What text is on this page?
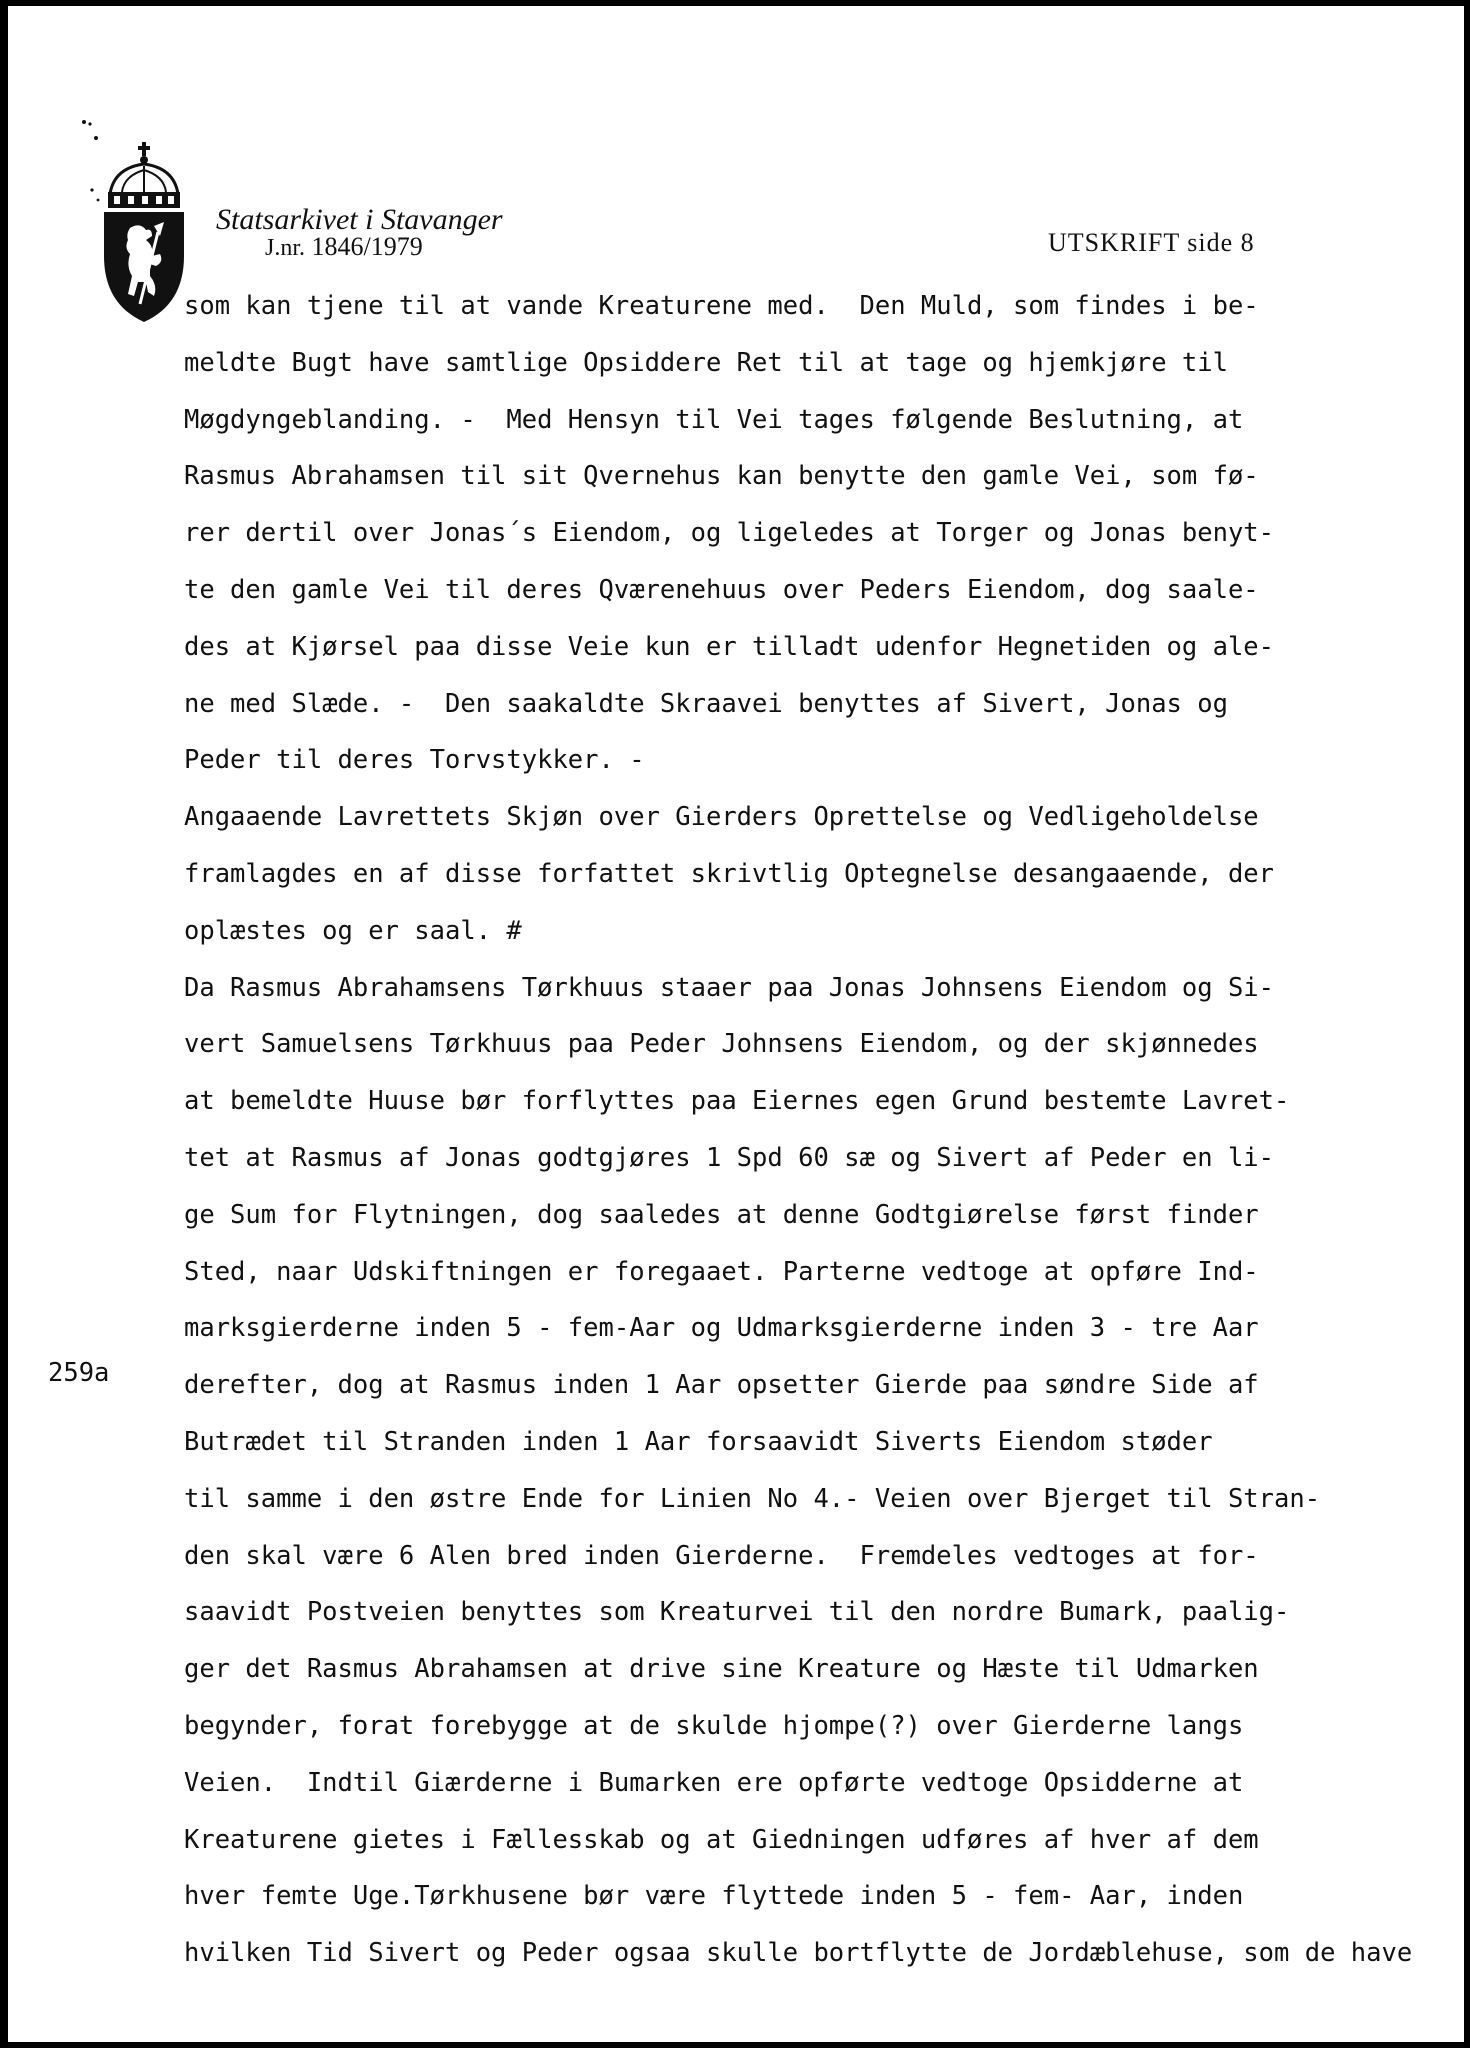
Statsarkivet i Stavanger
J.nr. 1846/1979	UTSKRIFT side 8
259a
som kan tjene til at vande Kreaturene med.  Den Muld, som findes i be-
meldte Bugt have samtlige Opsiddere Ret til at tage og hjemkjøre til
Møgdyngeblanding. -  Med Hensyn til Vei tages følgende Beslutning, at
Rasmus Abrahamsen til sit Qvernehus kan benytte den gamle Vei, som fø-
rer dertil over Jonas´s Eiendom, og ligeledes at Torger og Jonas benyt-
te den gamle Vei til deres Qværenehuus over Peders Eiendom, dog saale-
des at Kjørsel paa disse Veie kun er tilladt udenfor Hegnetiden og ale-
ne med Slæde. -  Den saakaldte Skraavei benyttes af Sivert, Jonas og
Peder til deres Torvstykker. -
Angaaende Lavrettets Skjøn over Gierders Oprettelse og Vedligeholdelse
framlagdes en af disse forfattet skrivtlig Optegnelse desangaaende, der
oplæstes og er saal. #
Da Rasmus Abrahamsens Tørkhuus staaer paa Jonas Johnsens Eiendom og Si-
vert Samuelsens Tørkhuus paa Peder Johnsens Eiendom, og der skjønnedes
at bemeldte Huuse bør forflyttes paa Eiernes egen Grund bestemte Lavret-
tet at Rasmus af Jonas godtgjøres 1 Spd 60 sæ og Sivert af Peder en li-
ge Sum for Flytningen, dog saaledes at denne Godtgiørelse først finder
Sted, naar Udskiftningen er foregaaet. Parterne vedtoge at opføre Ind-
marksgierderne inden 5 - fem-Aar og Udmarksgierderne inden 3 - tre Aar
derefter, dog at Rasmus inden 1 Aar opsetter Gierde paa søndre Side af
Butrædet til Stranden inden 1 Aar forsaavidt Siverts Eiendom støder
til samme i den østre Ende for Linien No 4.- Veien over Bjerget til Stran-
den skal være 6 Alen bred inden Gierderne.  Fremdeles vedtoges at for-
saavidt Postveien benyttes som Kreaturvei til den nordre Bumark, paalig-
ger det Rasmus Abrahamsen at drive sine Kreature og Hæste til Udmarken
begynder, forat forebygge at de skulde hjompe(?) over Gierderne langs
Veien.  Indtil Giærderne i Bumarken ere opførte vedtoge Opsidderne at
Kreaturene gietes i Fællesskab og at Giedningen udføres af hver af dem
hver femte Uge.Tørkhusene bør være flyttede inden 5 - fem- Aar, inden
hvilken Tid Sivert og Peder ogsaa skulle bortflytte de Jordæblehuse, som de have
